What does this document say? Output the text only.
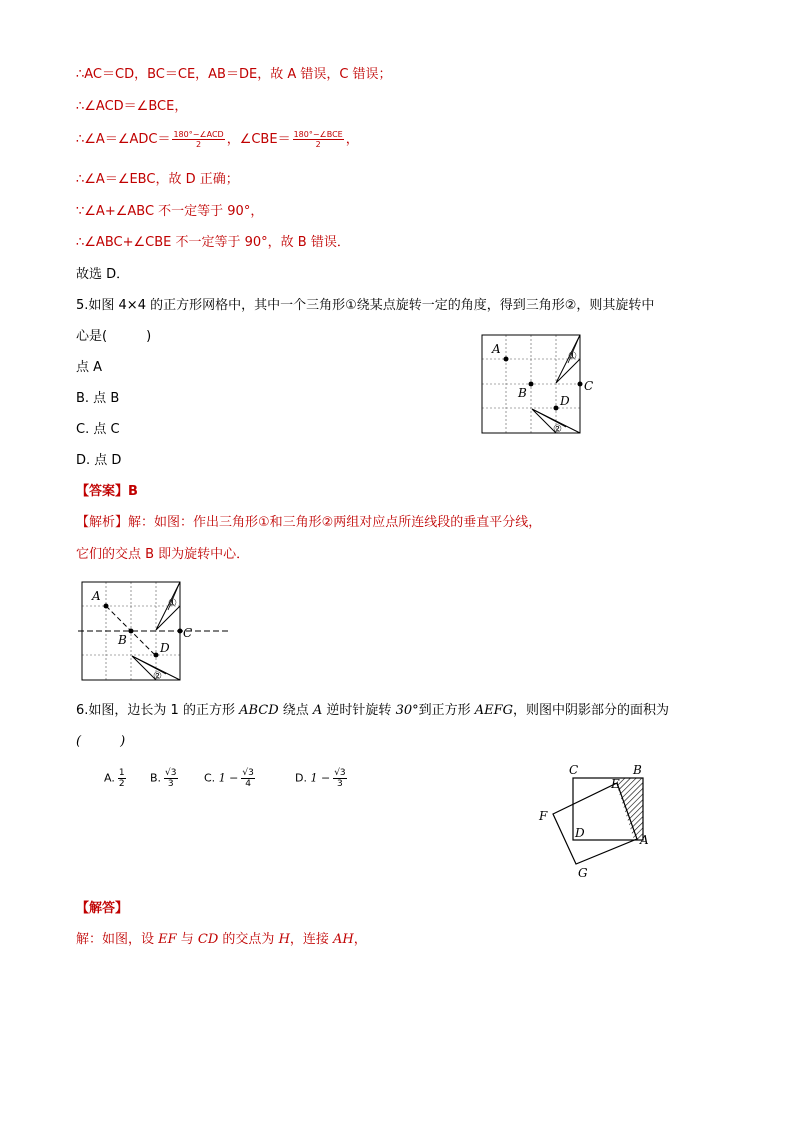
∴AC＝CD，BC＝CE，AB＝DE，故 A 错误，C 错误；
∴∠ACD＝∠BCE，
∴∠A＝∠ADC＝ $\frac{\text{180°−∠ACD}}{2}$ ，∠CBE＝ $\frac{\text{180°−∠BCE}}{2}$ ，
∴∠A＝∠EBC，故 D 正确；
∵∠A+∠ABC 不一定等于 90°，
∴∠ABC+∠CBE 不一定等于 90°，故 B 错误．
故选 D．
5.如图 4×4 的正方形网格中，其中一个三角形①绕某点旋转一定的角度，得到三角形②，则其旋转中
心是(　　　)
点 A
B. 点 B
C. 点 C
D. 点 D
【答案】B
【解析】解：如图：作出三角形①和三角形②两组对应点所连线段的垂直平分线，
它们的交点 B 即为旋转中心．
A
B	C
D
①
②
A
B	C
D
①
②
6.如图，边长为 1 的正方形 ABCD 绕点 A 逆时针旋转 30°到正方形 AEFG，则图中阴影部分的面积为
(　　　)
A. $\frac{1}{2} B$. $\frac{√3}{3} C$. $1 - \frac{√3}{4}$	D. $1 - \frac{√3}{3}$	C	B
E
F
D	A
G
【解答】
解：如图，设 EF 与 CD 的交点为 H，连接 AH，
